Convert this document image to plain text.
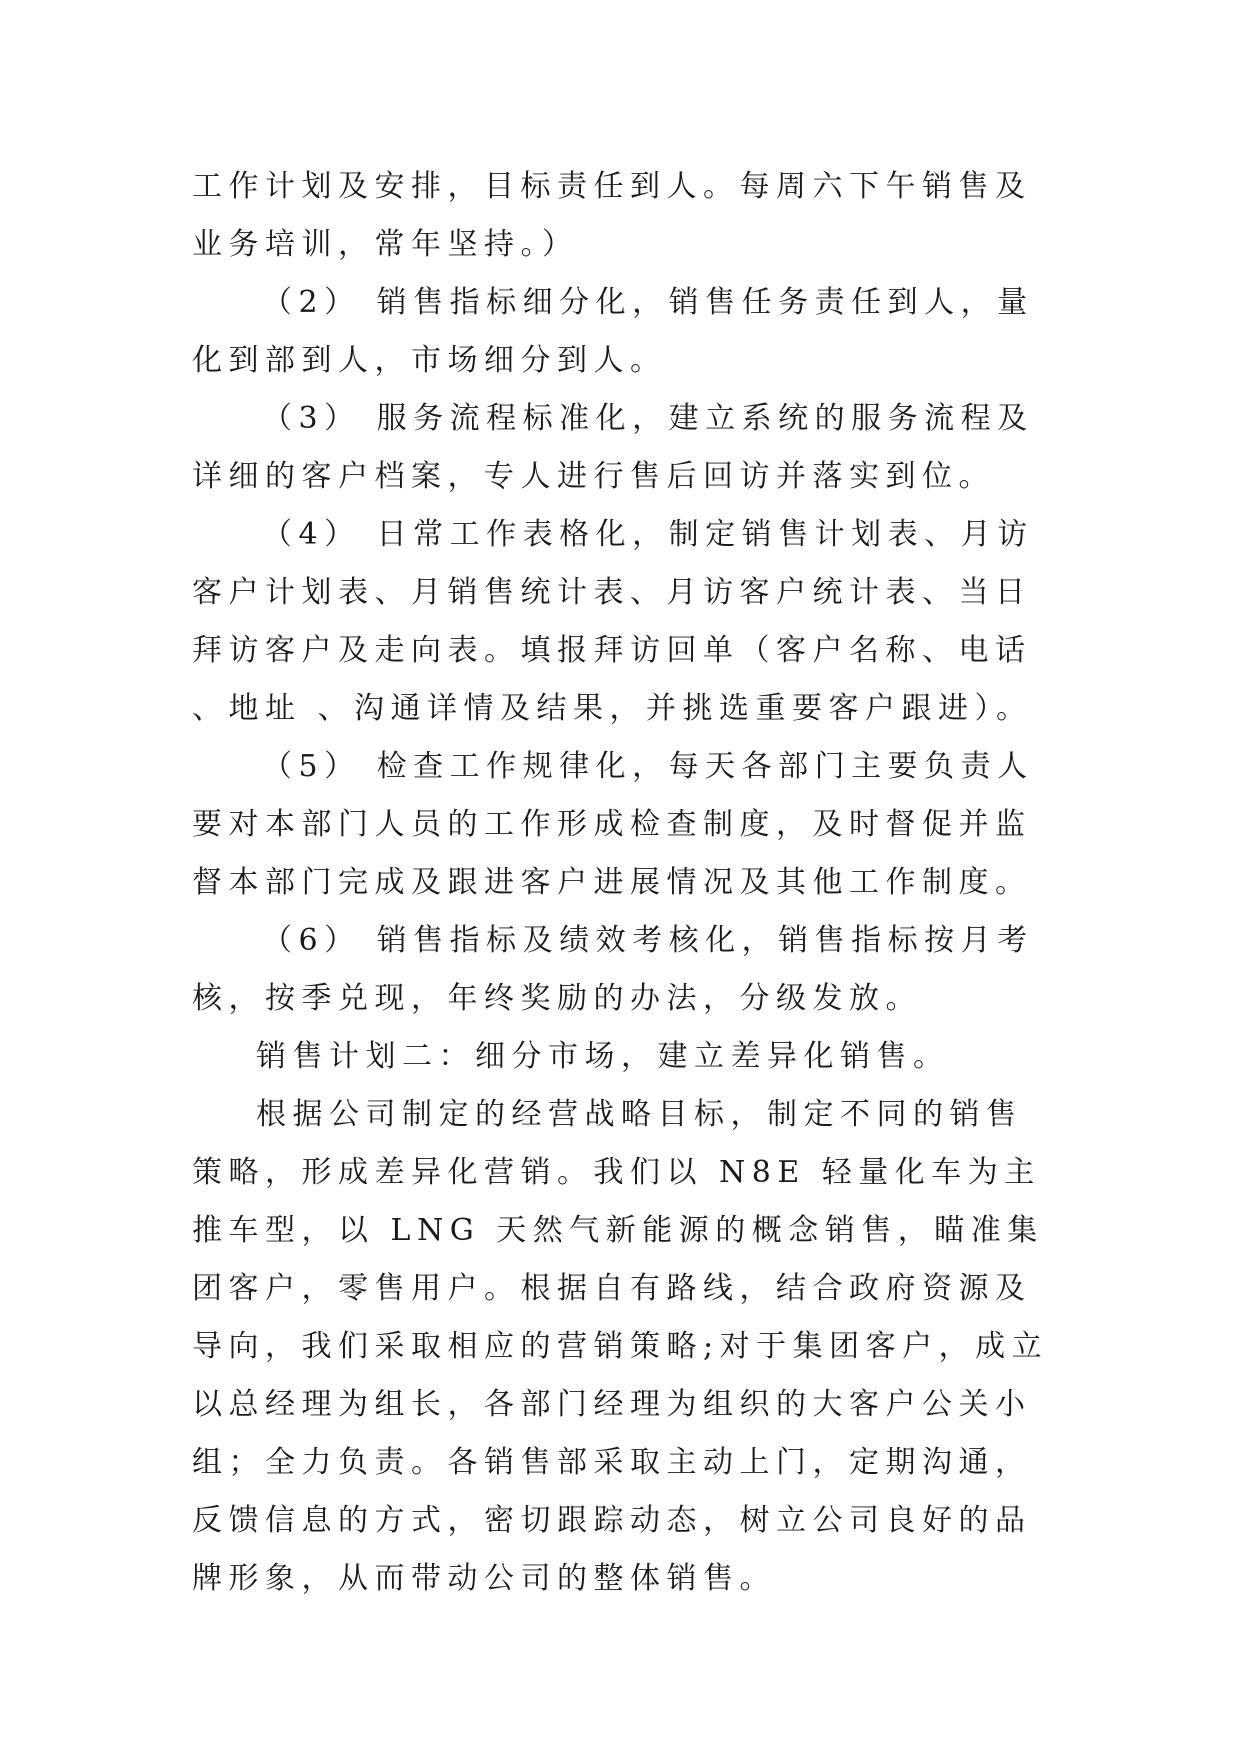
工作计划及安排，目标责任到人。每周六下午销售及业务培训，常年坚持。）

（2） 销售指标细分化，销售任务责任到人，量化到部到人，市场细分到人。

（3） 服务流程标准化，建立系统的服务流程及详细的客户档案，专人进行售后回访并落实到位。

（4） 日常工作表格化，制定销售计划表、月访客户计划表、月销售统计表、月访客户统计表、当日拜访客户及走向表。填报拜访回单（客户名称、电话 、地址 、沟通详情及结果，并挑选重要客户跟进）。

（5） 检查工作规律化，每天各部门主要负责人要对本部门人员的工作形成检查制度，及时督促并监督本部门完成及跟进客户进展情况及其他工作制度。

（6） 销售指标及绩效考核化，销售指标按月考核，按季兑现，年终奖励的办法，分级发放。

销售计划二：细分市场，建立差异化销售。

根据公司制定的经营战略目标，制定不同的销售策略，形成差异化营销。我们以 N8E 轻量化车为主推车型，以 LNG 天然气新能源的概念销售，瞄准集团客户，零售用户。根据自有路线，结合政府资源及导向，我们采取相应的营销策略;对于集团客户，成立以总经理为组长，各部门经理为组织的大客户公关小组；全力负责。各销售部采取主动上门，定期沟通，反馈信息的方式，密切跟踪动态，树立公司良好的品牌形象，从而带动公司的整体销售。
